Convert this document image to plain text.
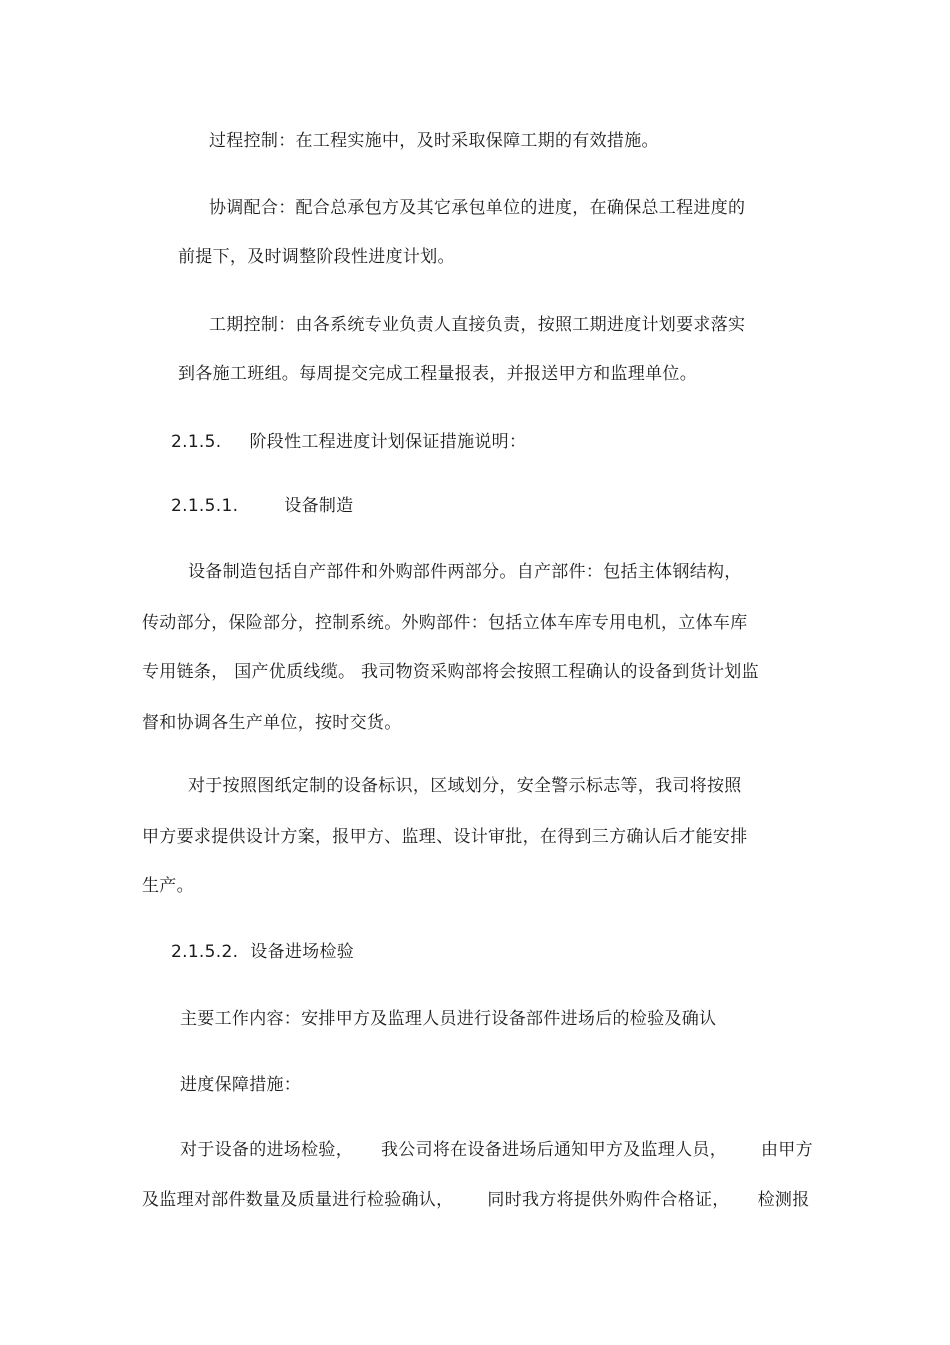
过程控制：在工程实施中，及时采取保障工期的有效措施。
协调配合：配合总承包方及其它承包单位的进度，在确保总工程进度的
前提下，及时调整阶段性进度计划。
工期控制：由各系统专业负责人直接负责，按照工期进度计划要求落实
到各施工班组。每周提交完成工程量报表，并报送甲方和监理单位。
2.1.5. 阶段性工程进度计划保证措施说明：
2.1.5.1.	设备制造
设备制造包括自产部件和外购部件两部分。自产部件：包括主体钢结构，
传动部分，保险部分，控制系统。外购部件：包括立体车库专用电机，立体车库
专用链条， 国产优质线缆。 我司物资采购部将会按照工程确认的设备到货计划监
督和协调各生产单位，按时交货。
对于按照图纸定制的设备标识，区域划分，安全警示标志等，我司将按照
甲方要求提供设计方案，报甲方、监理、设计审批，在得到三方确认后才能安排
生产。
2.1.5.2. 设备进场检验
主要工作内容：安排甲方及监理人员进行设备部件进场后的检验及确认
进度保障措施：
对于设备的进场检验， 我公司将在设备进场后通知甲方及监理人员， 由甲方
及监理对部件数量及质量进行检验确认， 同时我方将提供外购件合格证， 检测报
